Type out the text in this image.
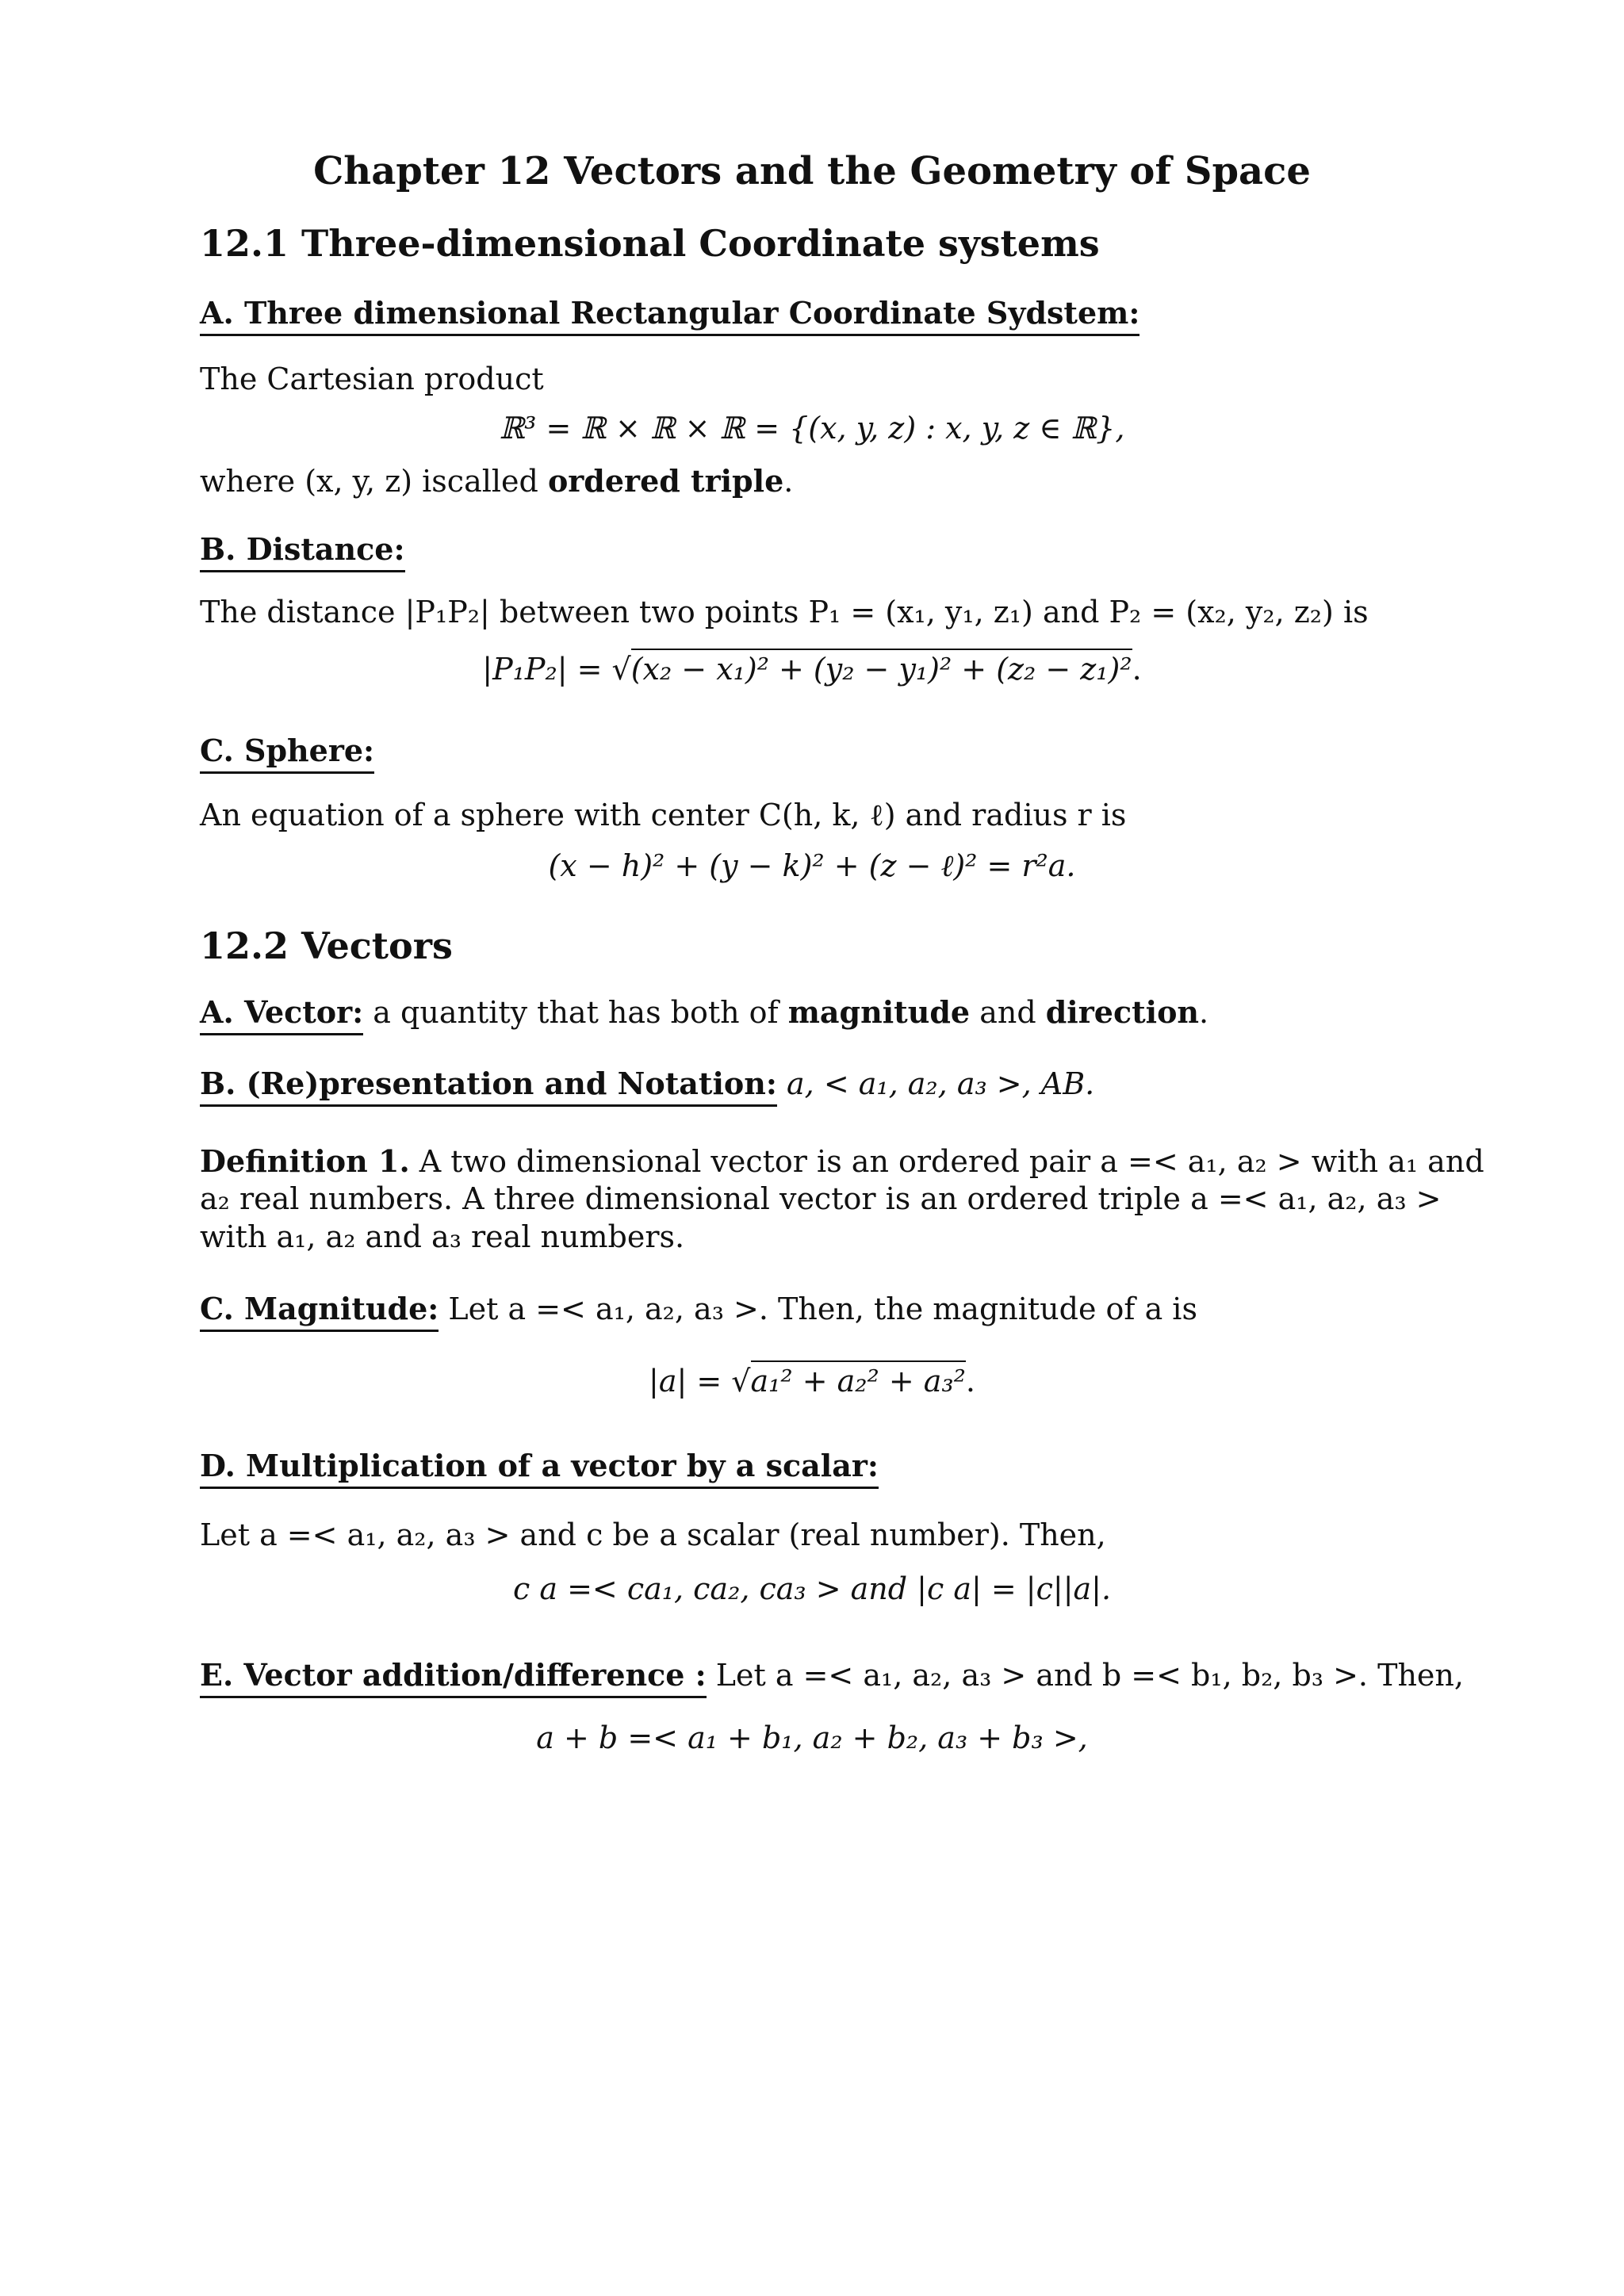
Chapter 12 Vectors and the Geometry of Space
12.1 Three-dimensional Coordinate systems
A. Three dimensional Rectangular Coordinate Sydstem:
The Cartesian product
ℝ³ = ℝ × ℝ × ℝ = {(x, y, z) : x, y, z ∈ ℝ},
where (x, y, z) iscalled ordered triple.
B. Distance:
The distance |P₁P₂| between two points P₁ = (x₁, y₁, z₁) and P₂ = (x₂, y₂, z₂) is
|P₁P₂| = √(x₂ − x₁)² + (y₂ − y₁)² + (z₂ − z₁)².
C. Sphere:
An equation of a sphere with center C(h, k, ℓ) and radius r is
(x − h)² + (y − k)² + (z − ℓ)² = r²a.
12.2 Vectors
A. Vector: a quantity that has both of magnitude and direction.
B. (Re)presentation and Notation: a, < a₁, a₂, a₃ >, AB.
Definition 1. A two dimensional vector is an ordered pair a =< a₁, a₂ > with a₁ and
a₂ real numbers. A three dimensional vector is an ordered triple a =< a₁, a₂, a₃ >
with a₁, a₂ and a₃ real numbers.
C. Magnitude: Let a =< a₁, a₂, a₃ >. Then, the magnitude of a is
|a| = √a₁² + a₂² + a₃².
D. Multiplication of a vector by a scalar:
Let a =< a₁, a₂, a₃ > and c be a scalar (real number). Then,
c a =< ca₁, ca₂, ca₃ > and |c a| = |c||a|.
E. Vector addition/difference : Let a =< a₁, a₂, a₃ > and b =< b₁, b₂, b₃ >. Then,
a + b =< a₁ + b₁, a₂ + b₂, a₃ + b₃ >,
